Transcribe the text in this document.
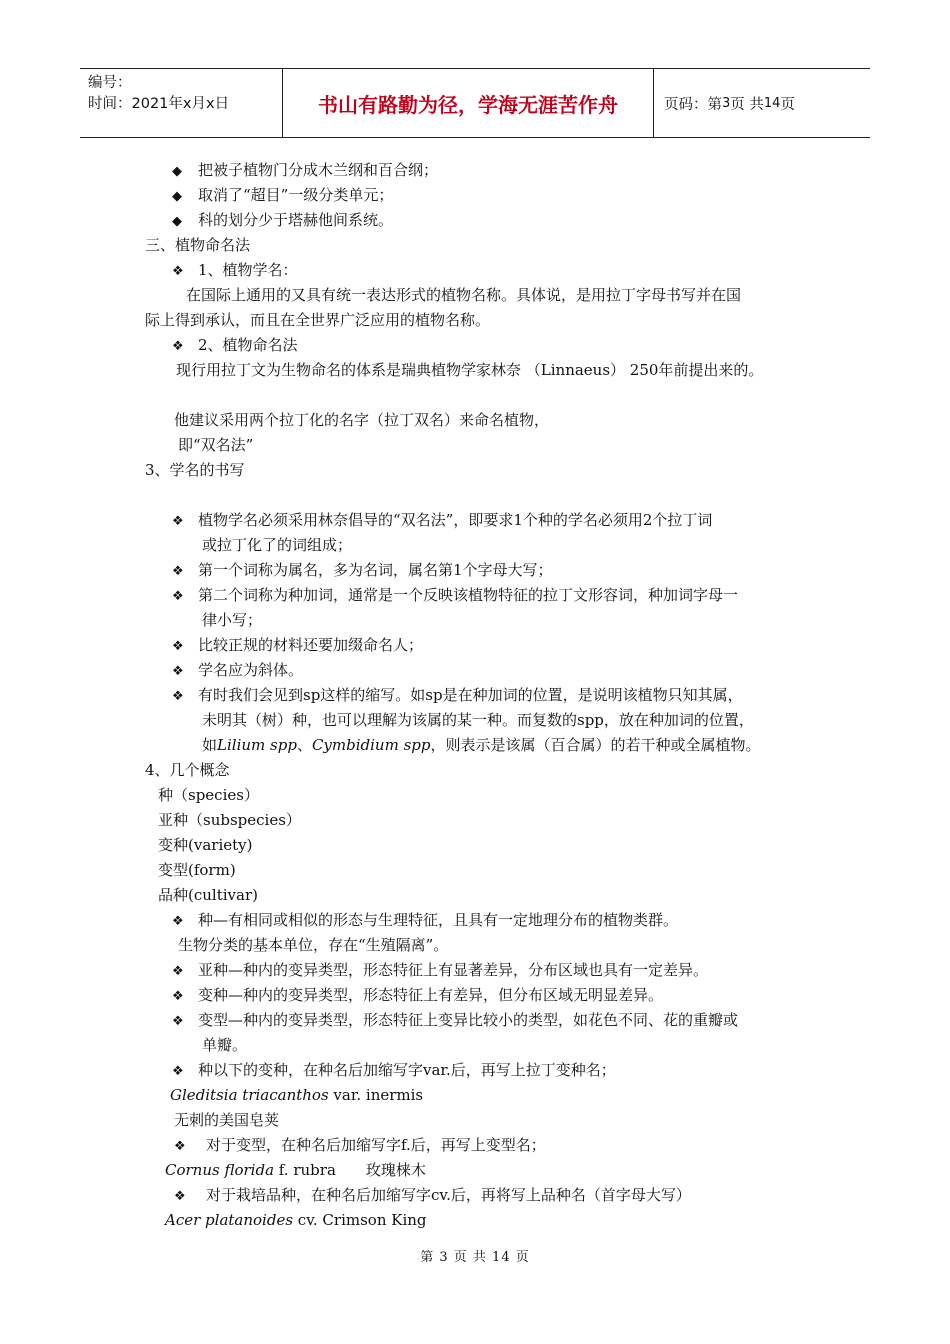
编号：
时间：2021年x月x日	书山有路勤为径，学海无涯苦作舟	页码：第 3 页 共 14 页
◆ 把被子植物门分成木兰纲和百合纲；
◆ 取消了“超目”一级分类单元；
◆ 科的划分少于塔赫他间系统。
三、植物命名法
❖ 1、植物学名：
在国际上通用的又具有统一表达形式的植物名称。具体说，是用拉丁字母书写并在国
际上得到承认，而且在全世界广泛应用的植物名称。
❖ 2、植物命名法
现行用拉丁文为生物命名的体系是瑞典植物学家林奈 （Linnaeus） 250年前提出来的。
他建议采用两个拉丁化的名字（拉丁双名）来命名植物，
即“双名法”
3、学名的书写
❖ 植物学名必须采用林奈倡导的“双名法”，即要求1个种的学名必须用2个拉丁词
或拉丁化了的词组成；
❖ 第一个词称为属名，多为名词，属名第1个字母大写；
❖ 第二个词称为种加词，通常是一个反映该植物特征的拉丁文形容词，种加词字母一
律小写；
❖ 比较正规的材料还要加缀命名人；
❖ 学名应为斜体。
❖ 有时我们会见到sp这样的缩写。如sp是在种加词的位置，是说明该植物只知其属，
未明其（树）种，也可以理解为该属的某一种。而复数的spp，放在种加词的位置，
如Lilium spp、Cymbidium spp，则表示是该属（百合属）的若干种或全属植物。
4、几个概念
种（species）
亚种（subspecies）
变种(variety)
变型(form)
品种(cultivar)
❖ 种—有相同或相似的形态与生理特征，且具有一定地理分布的植物类群。
生物分类的基本单位，存在“生殖隔离”。
❖ 亚种—种内的变异类型，形态特征上有显著差异，分布区域也具有一定差异。
❖ 变种—种内的变异类型，形态特征上有差异，但分布区域无明显差异。
❖ 变型—种内的变异类型，形态特征上变异比较小的类型，如花色不同、花的重瓣或
单瓣。
❖ 种以下的变种，在种名后加缩写字var.后，再写上拉丁变种名；
Gleditsia triacanthos var. inermis
无刺的美国皂荚
❖ 对于变型，在种名后加缩写字f.后，再写上变型名；
Cornus florida f. rubra 玫瑰梾木
❖ 对于栽培品种，在种名后加缩写字cv.后，再将写上品种名（首字母大写）
Acer platanoides cv. Crimson King
第 3 页 共 14 页
